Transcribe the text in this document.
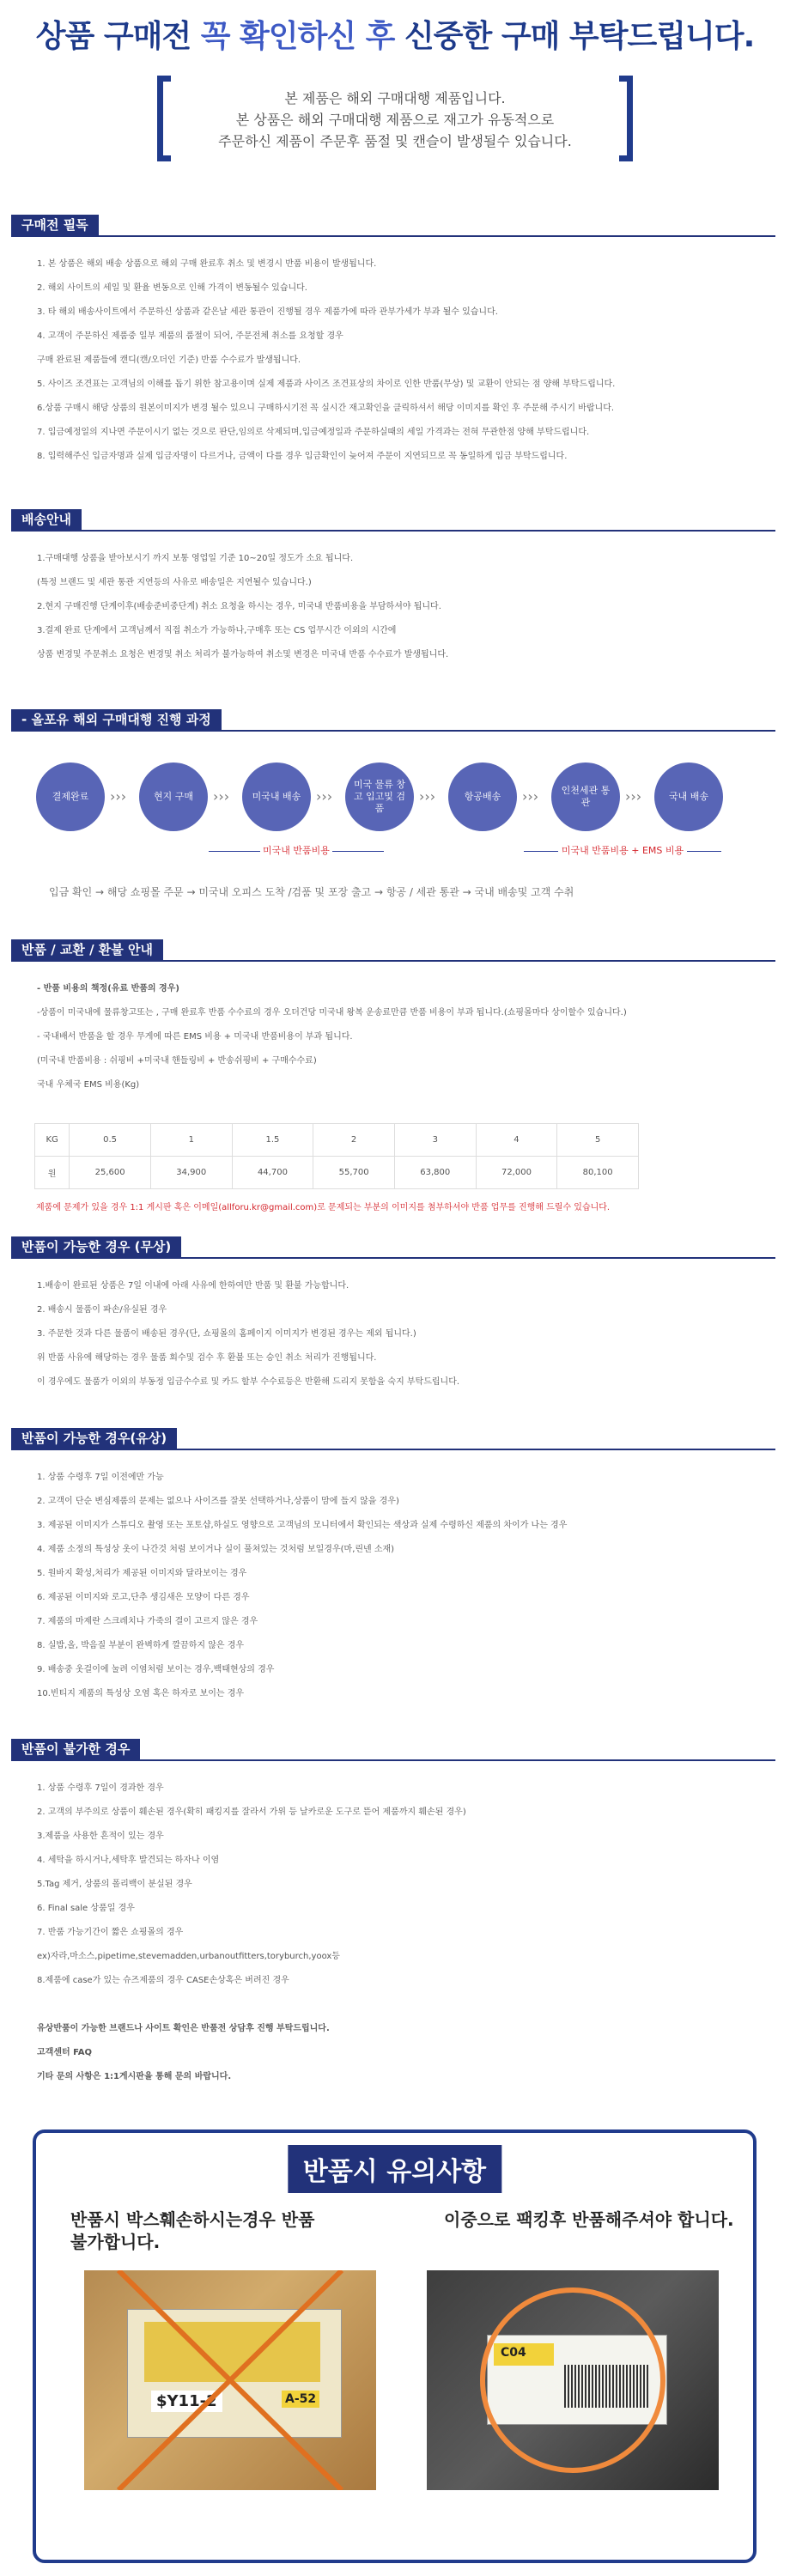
상품 구매전 꼭 확인하신 후 신중한 구매 부탁드립니다.
본 제품은 해외 구매대행 제품입니다.
본 상품은 해외 구매대행 제품으로 재고가 유동적으로
주문하신 제품이 주문후 품절 및 캔슬이 발생될수 있습니다.
구매전 필독
1. 본 상품은 해외 배송 상품으로 해외 구매 완료후 취소 및 변경시 반품 비용이 발생됩니다.
2. 해외 사이트의 세일 및 환율 변동으로 인해 가격이 변동될수 있습니다.
3. 타 해외 배송사이트에서 주문하신 상품과 같은날 세관 통관이 진행될 경우 제품가에 따라 관부가세가 부과 될수 있습니다.
4. 고객이 주문하신 제품중 일부 제품의 품절이 되어, 주문전체 취소를 요청할 경우
구매 완료된 제품들에 캔디(캔/오더인 기준) 반품 수수료가 발생됩니다.
5. 사이즈 조견표는 고객님의 이해를 돕기 위한 참고용이며 실제 제품과 사이즈 조견표상의 차이로 인한 반품(무상) 및 교환이 안되는 점 양해 부탁드립니다.
6.상품 구매시 해당 상품의 원본이미지가 변경 될수 있으니 구매하시기전 꼭 실시간 재고확인을 클릭하셔서 해당 이미지를 확인 후 주문해 주시기 바랍니다.
7. 입금예정일의 지나면 주문이시기 없는 것으로 판단,임의로 삭제되며,입금예정일과 주문하실때의 세일 가격과는 전혀 무관한점 양해 부탁드립니다.
8. 입력해주신 입금자명과 실제 입금자명이 다르거나, 금액이 다를 경우 입금확인이 늦어져 주문이 지연되므로 꼭 동일하게 입금 부탁드립니다.
배송안내
1.구매대행 상품을 받아보시기 까지 보통 영업일 기준 10~20일 정도가 소요 됩니다.
(특정 브랜드 및 세관 통관 지연등의 사유로 배송일은 지연될수 있습니다.)
2.현지 구매진행 단계이후(배송준비중단계) 취소 요청을 하시는 경우, 미국내 반품비용을 부담하셔야 됩니다.
3.결제 완료 단계에서 고객님께서 직접 취소가 가능하나,구매후 또는 CS 업무시간 이외의 시간에
상품 변경및 주문취소 요청은 변경및 취소 처리가 불가능하여 취소및 변경은 미국내 반품 수수료가 발생됩니다.
- 올포유 해외 구매대행 진행 과정
결제완료	›››	현지 구매	›››	미국내 배송	›››
미국 물류 창고 입고및 검품
›››	항공배송	›››	인천세관 통관	›››	국내 배송
미국내 반품비용	미국내 반품비용 + EMS 비용
입금 확인 → 해당 쇼핑몰 주문 → 미국내 오피스 도착 /검품 및 포장 출고 → 항공 / 세관 통관 → 국내 배송및 고객 수취
반품 / 교환 / 환불 안내
- 반품 비용의 책정(유료 반품의 경우)
-상품이 미국내에 물류창고또는 , 구매 완료후 반품 수수료의 경우 오더건당 미국내 왕복 운송료만큼 반품 비용이 부과 됩니다.(쇼핑몰마다 상이할수 있습니다.)
- 국내배서 반품을 할 경우 무게에 따른 EMS 비용 + 미국내 반품비용이 부과 됩니다.
(미국내 반품비용 : 쉬핑비 +미국내 핸들링비 + 반송쉬핑비 + 구매수수료)
국내 우체국 EMS 비용(Kg)
KG	0.5	1	1.5	2	3	4	5
원	25,600	34,900	44,700	55,700	63,800	72,000	80,100
제품에 문제가 있을 경우 1:1 게시판 혹은 이메일(allforu.kr@gmail.com)로 문제되는 부분의 이미지를 첨부하셔야 반품 업무를 진행해 드릴수 있습니다.
반품이 가능한 경우 (무상)
1.배송이 완료된 상품은 7일 이내에 아래 사유에 한하여만 반품 및 환불 가능합니다.
2. 배송시 물품이 파손/유실된 경우
3. 주문한 것과 다른 물품이 배송된 경우(단, 쇼핑몰의 홈페이지 이미지가 변경된 경우는 제외 됩니다.)
위 반품 사유에 해당하는 경우 물품 회수및 검수 후 환불 또는 승인 취소 처리가 진행됩니다.
이 경우에도 물품가 이외의 부동정 입금수수료 및 카드 할부 수수료등은 반환해 드리지 못함을 숙지 부탁드립니다.
반품이 가능한 경우(유상)
1. 상품 수령후 7일 이전에만 가능
2. 고객이 단순 변심제품의 문제는 없으나 사이즈를 잘못 선택하거나,상품이 맘에 들지 않을 경우)
3. 제공된 이미지가 스튜디오 촬영 또는 포토샵,하실도 영향으로 고객님의 모니터에서 확인되는 색상과 실제 수령하신 제품의 차이가 나는 경우
4. 제품 소정의 특성상 옷이 나간것 처럼 보이거나 실이 풀쳐있는 것처럼 보일경우(마,린넨 소재)
5. 원바지 확성,처리가 제공된 이미지와 달라보이는 경우
6. 제공된 이미지와 로고,단추 생김새은 모양이 다른 경우
7. 제품의 마제란 스크레치나 가죽의 결이 고르지 않은 경우
8. 실밥,올, 박음질 부분이 완벽하게 깔끔하지 않은 경우
9. 배송중 옷걸이에 눌려 이염처럼 보이는 경우,백태현상의 경우
10.빈티지 제품의 특성상 오염 혹은 하자로 보이는 경우
반품이 불가한 경우
1. 상품 수령후 7일이 경과한 경우
2. 고객의 부주의로 상품이 훼손된 경우(확히 패킹지를 잘라서 가위 등 날카로운 도구로 뜯어 제품까지 훼손된 경우)
3.제품을 사용한 흔적이 있는 경우
4. 세탁을 하시거나,세탁후 발견되는 하자나 이염
5.Tag 제거, 상품의 폴리백이 분실된 경우
6. Final sale 상품일 경우
7. 반품 가능기간이 짧은 쇼핑몰의 경우
ex)자라,마소스,pipetime,stevemadden,urbanoutfitters,toryburch,yoox등
8.제품에 case가 있는 슈즈제품의 경우 CASE손상혹은 버려진 경우

유상반품이 가능한 브랜드나 사이트 확인은 반품전 상담후 진행 부탁드립니다.
고객센터 FAQ
기타 문의 사항은 1:1게시판을 통해 문의 바랍니다.
반품시 유의사항
반품시 박스훼손하시는경우 반품
불가합니다.
이중으로 팩킹후 반품해주셔야 합니다.
$Y11-2	A-52
C04
